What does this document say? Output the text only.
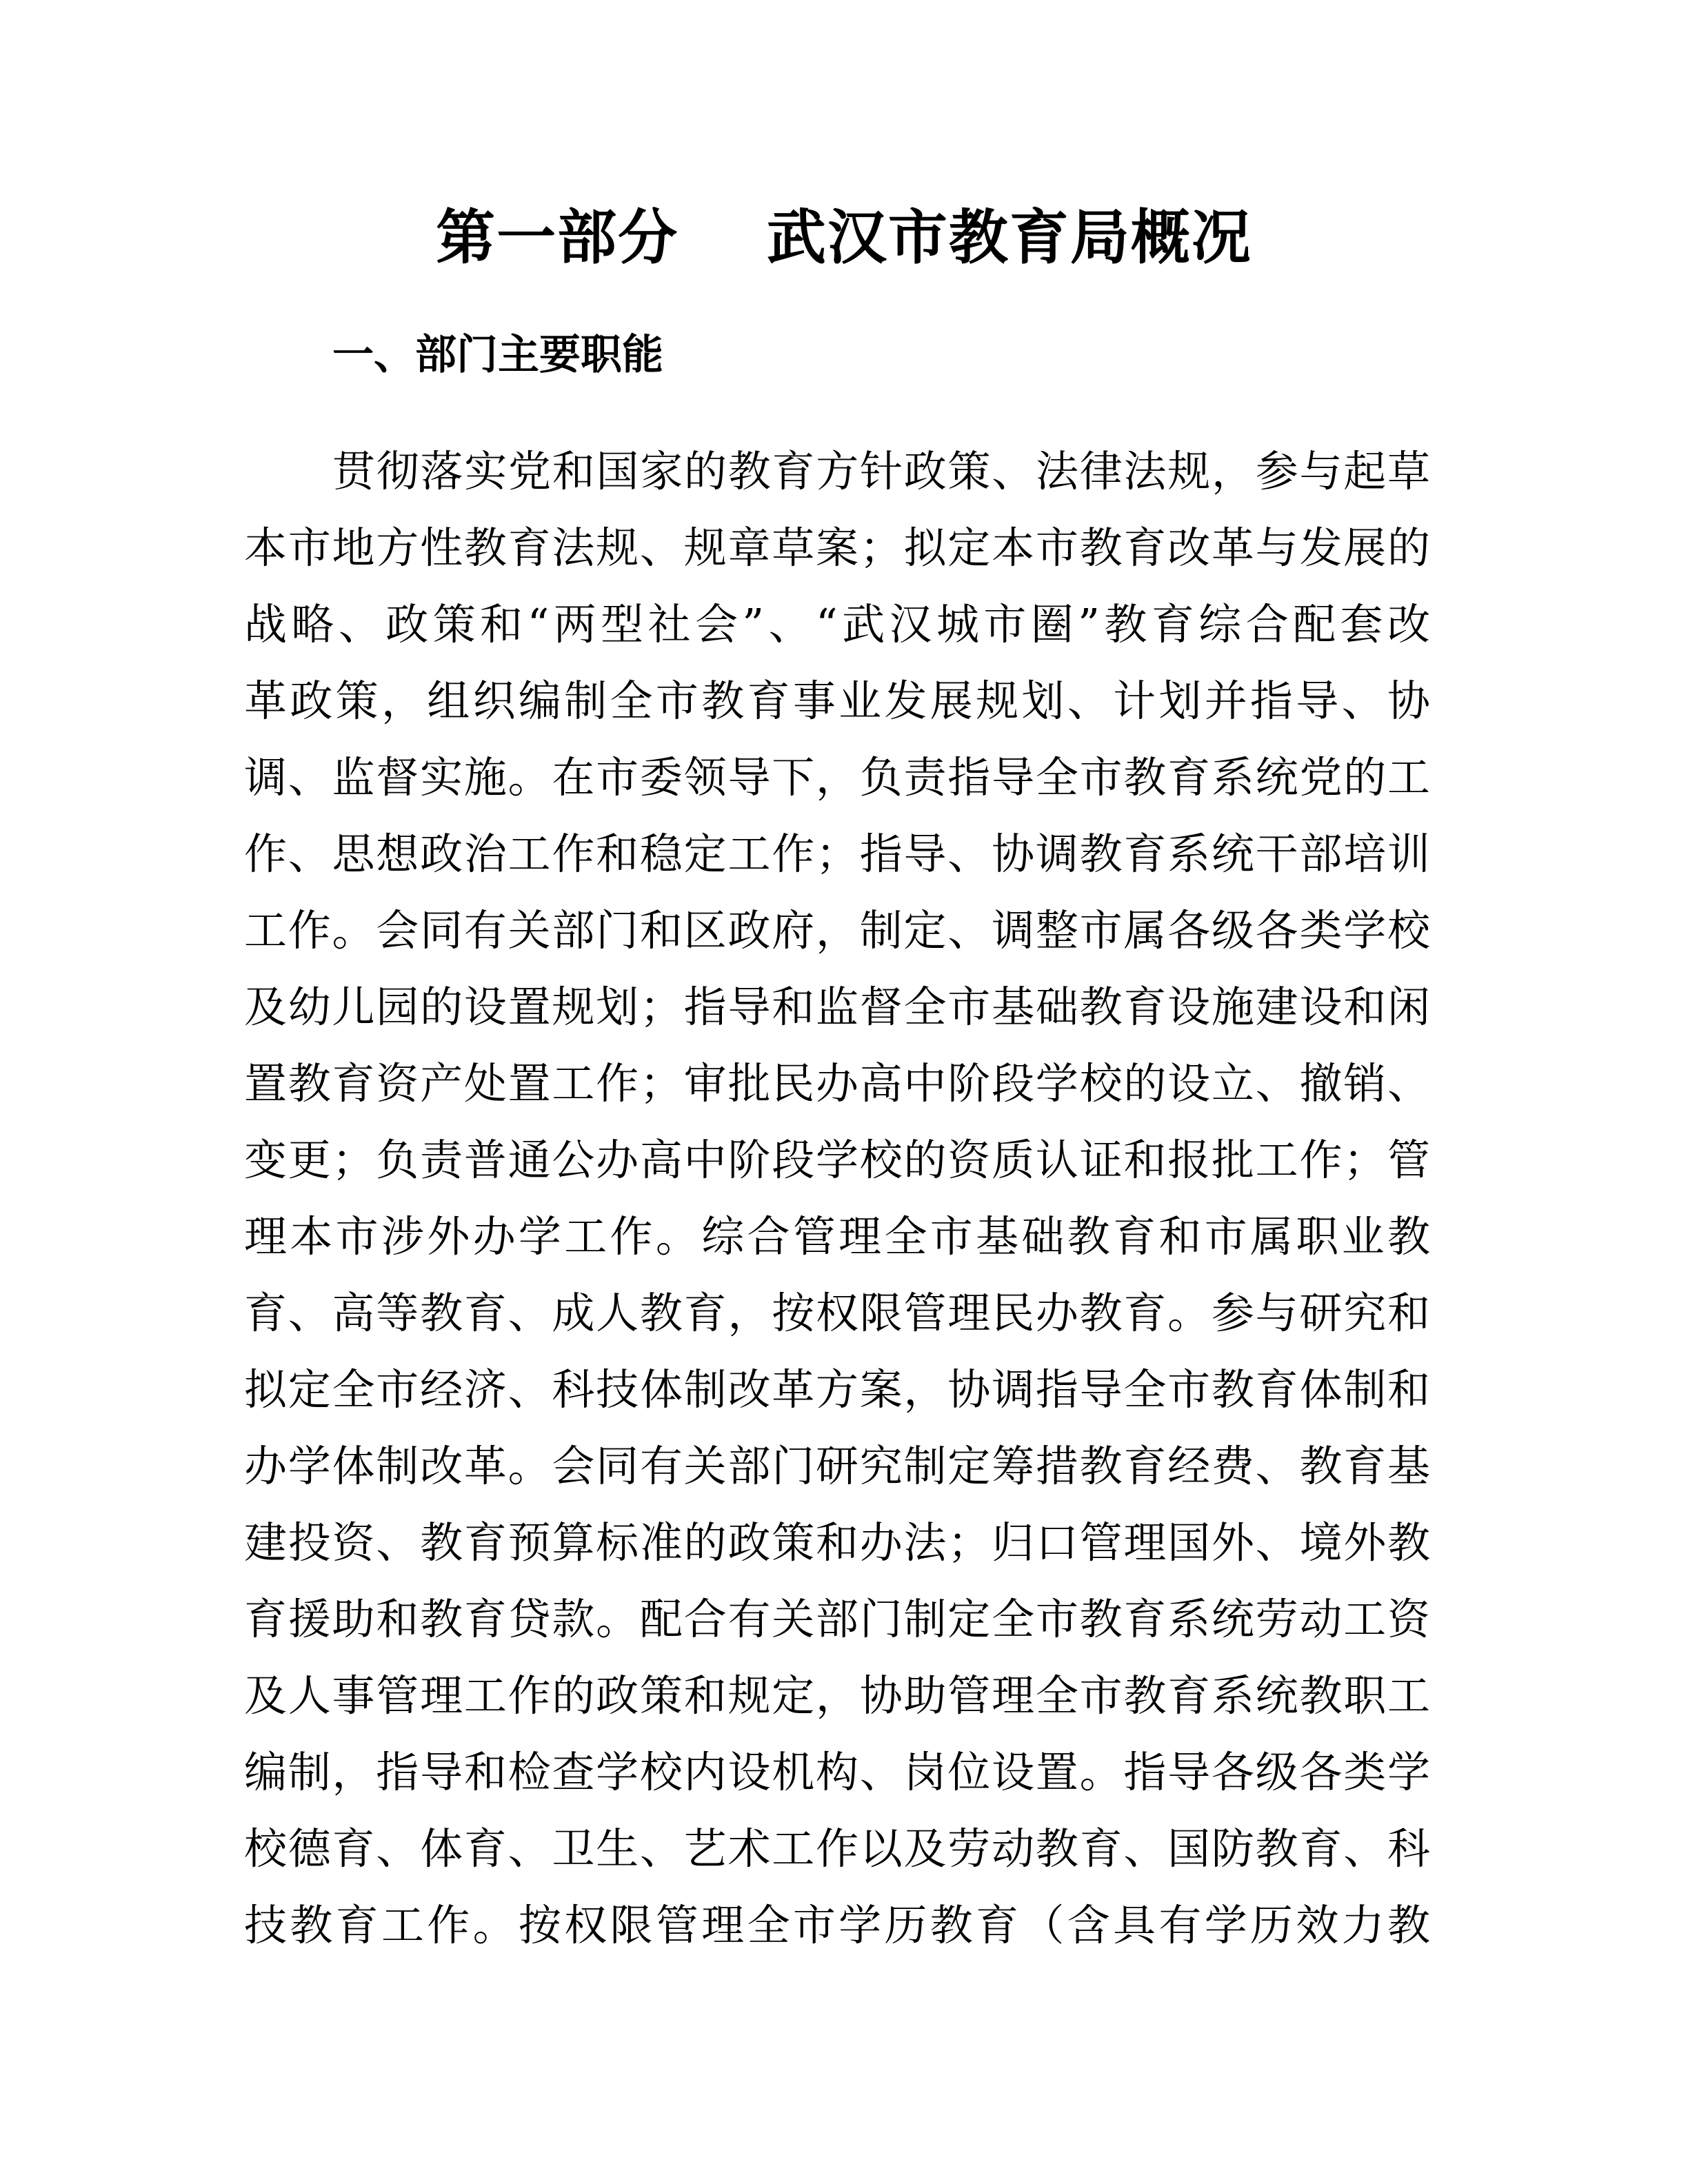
第一部分    武汉市教育局概况
一、部门主要职能
贯彻落实党和国家的教育方针政策、法律法规，参与起草
本市地方性教育法规、规章草案；拟定本市教育改革与发展的
战略、政策和“两型社会”、“武汉城市圈”教育综合配套改
革政策，组织编制全市教育事业发展规划、计划并指导、协
调、监督实施。在市委领导下，负责指导全市教育系统党的工
作、思想政治工作和稳定工作；指导、协调教育系统干部培训
工作。会同有关部门和区政府，制定、调整市属各级各类学校
及幼儿园的设置规划；指导和监督全市基础教育设施建设和闲
置教育资产处置工作；审批民办高中阶段学校的设立、撤销、
变更；负责普通公办高中阶段学校的资质认证和报批工作；管
理本市涉外办学工作。综合管理全市基础教育和市属职业教
育、高等教育、成人教育，按权限管理民办教育。参与研究和
拟定全市经济、科技体制改革方案，协调指导全市教育体制和
办学体制改革。会同有关部门研究制定筹措教育经费、教育基
建投资、教育预算标准的政策和办法；归口管理国外、境外教
育援助和教育贷款。配合有关部门制定全市教育系统劳动工资
及人事管理工作的政策和规定，协助管理全市教育系统教职工
编制，指导和检查学校内设机构、岗位设置。指导各级各类学
校德育、体育、卫生、艺术工作以及劳动教育、国防教育、科
技教育工作。按权限管理全市学历教育（含具有学历效力教
